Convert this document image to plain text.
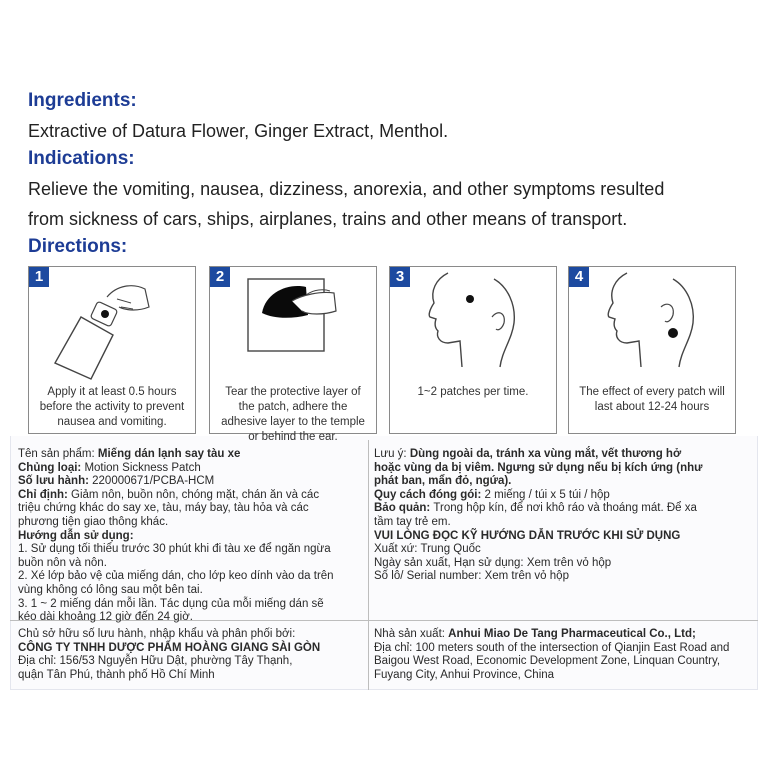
Ingredients:
Extractive of Datura Flower, Ginger Extract, Menthol.
Indications:
Relieve the vomiting, nausea, dizziness, anorexia, and other symptoms resulted
from sickness of cars, ships, airplanes, trains and other means of transport.
Directions:
1
Apply it at least 0.5 hours before the activity to prevent nausea and vomiting.
2
Tear the protective layer of the patch, adhere the adhesive layer to the temple or behind the ear.
3
1~2 patches per time.
4
The effect of every patch will last about 12-24 hours
Tên sản phẩm: Miếng dán lạnh say tàu xe
Chủng loại: Motion Sickness Patch
Số lưu hành: 220000671/PCBA-HCM
Chỉ định: Giảm nôn, buồn nôn, chóng mặt, chán ăn và các
triệu chứng khác do say xe, tàu, máy bay, tàu hỏa và các
phương tiện giao thông khác.
Hướng dẫn sử dụng:
1. Sử dụng tối thiểu trước 30 phút khi đi tàu xe để ngăn ngừa
buồn nôn và nôn.
2. Xé lớp bảo vệ của miếng dán, cho lớp keo dính vào da trên
vùng không có lông sau một bên tai.
3. 1 ~ 2 miếng dán mỗi lần. Tác dụng của mỗi miếng dán sẽ
kéo dài khoảng 12 giờ đến 24 giờ.
Lưu ý: Dùng ngoài da, tránh xa vùng mắt, vết thương hở
hoặc vùng da bị viêm. Ngưng sử dụng nếu bị kích ứng (như
phát ban, mẩn đỏ, ngứa).
Quy cách đóng gói: 2 miếng / túi x 5 túi / hộp
Bảo quản: Trong hộp kín, để nơi khô ráo và thoáng mát. Để xa
tầm tay trẻ em.
VUI LÒNG ĐỌC KỸ HƯỚNG DẪN TRƯỚC KHI SỬ DỤNG
Xuất xứ: Trung Quốc
Ngày sản xuất, Hạn sử dụng: Xem trên vỏ hộp
Số lô/ Serial number: Xem trên vỏ hộp
Chủ sở hữu số lưu hành, nhập khẩu và phân phối bởi:
CÔNG TY TNHH DƯỢC PHẨM HOÀNG GIANG SÀI GÒN
Địa chỉ: 156/53 Nguyễn Hữu Dật, phường Tây Thạnh,
quận Tân Phú, thành phố Hồ Chí Minh
Nhà sản xuất: Anhui Miao De Tang Pharmaceutical Co., Ltd;
Địa chỉ: 100 meters south of the intersection of Qianjin East Road and
Baigou West Road, Economic Development Zone, Linquan Country,
Fuyang City, Anhui Province, China
